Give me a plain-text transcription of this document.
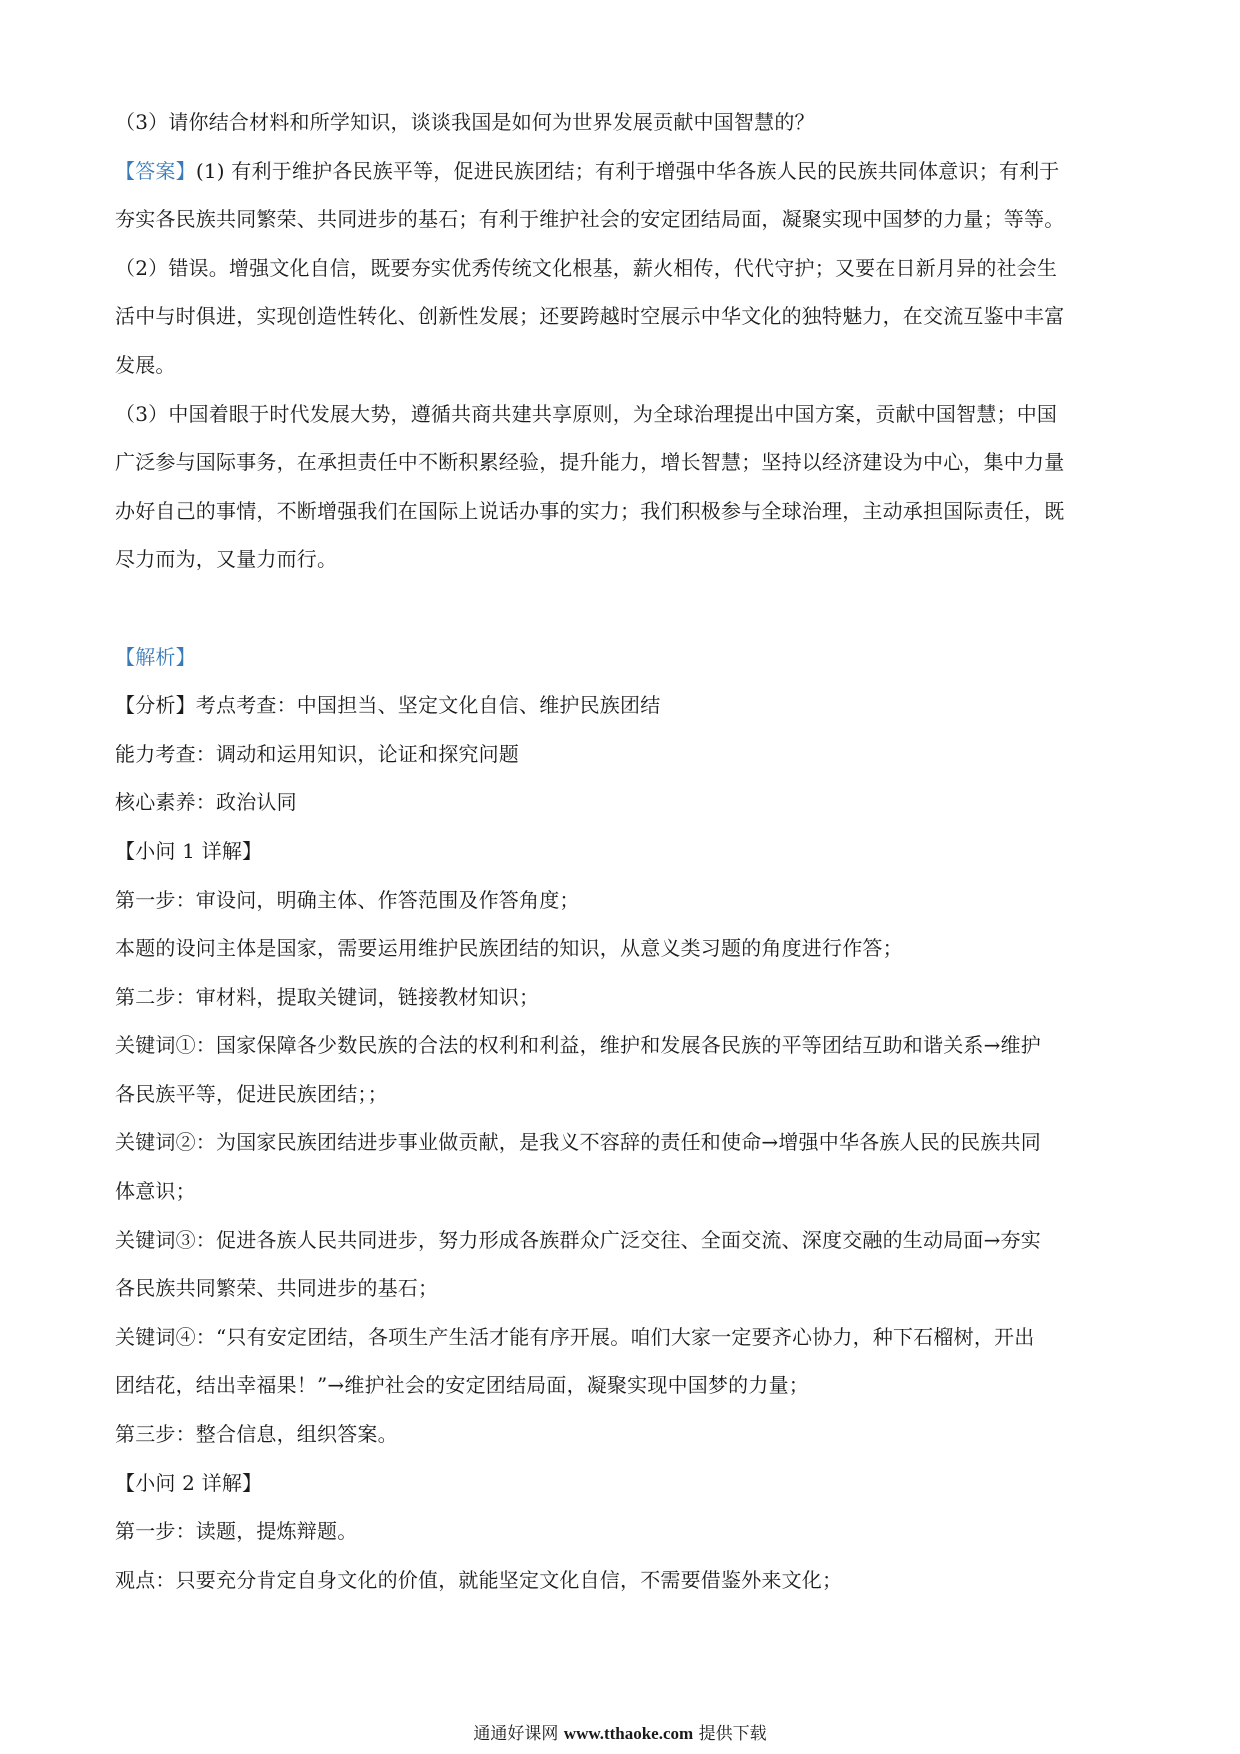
（3）请你结合材料和所学知识，谈谈我国是如何为世界发展贡献中国智慧的？
【答案】(1) 有利于维护各民族平等，促进民族团结；有利于增强中华各族人民的民族共同体意识；有利于
夯实各民族共同繁荣、共同进步的基石；有利于维护社会的安定团结局面，凝聚实现中国梦的力量；等等。
（2）错误。增强文化自信，既要夯实优秀传统文化根基，薪火相传，代代守护；又要在日新月异的社会生
活中与时俱进，实现创造性转化、创新性发展；还要跨越时空展示中华文化的独特魅力，在交流互鉴中丰富
发展。
（3）中国着眼于时代发展大势，遵循共商共建共享原则，为全球治理提出中国方案，贡献中国智慧；中国
广泛参与国际事务，在承担责任中不断积累经验，提升能力，增长智慧；坚持以经济建设为中心，集中力量
办好自己的事情，不断增强我们在国际上说话办事的实力；我们积极参与全球治理，主动承担国际责任，既
尽力而为，又量力而行。
【解析】
【分析】考点考查：中国担当、坚定文化自信、维护民族团结
能力考查：调动和运用知识，论证和探究问题
核心素养：政治认同
【小问 1 详解】
第一步：审设问，明确主体、作答范围及作答角度；
本题的设问主体是国家，需要运用维护民族团结的知识，从意义类习题的角度进行作答；
第二步：审材料，提取关键词，链接教材知识；
关键词①：国家保障各少数民族的合法的权利和利益，维护和发展各民族的平等团结互助和谐关系→维护
各民族平等，促进民族团结；；
关键词②：为国家民族团结进步事业做贡献，是我义不容辞的责任和使命→增强中华各族人民的民族共同
体意识；
关键词③：促进各族人民共同进步，努力形成各族群众广泛交往、全面交流、深度交融的生动局面→夯实
各民族共同繁荣、共同进步的基石；
关键词④：“只有安定团结，各项生产生活才能有序开展。咱们大家一定要齐心协力，种下石榴树，开出
团结花，结出幸福果！”→维护社会的安定团结局面，凝聚实现中国梦的力量；
第三步：整合信息，组织答案。
【小问 2 详解】
第一步：读题，提炼辩题。
观点：只要充分肯定自身文化的价值，就能坚定文化自信，不需要借鉴外来文化；
通通好课网 www.tthaoke.com 提供下载
